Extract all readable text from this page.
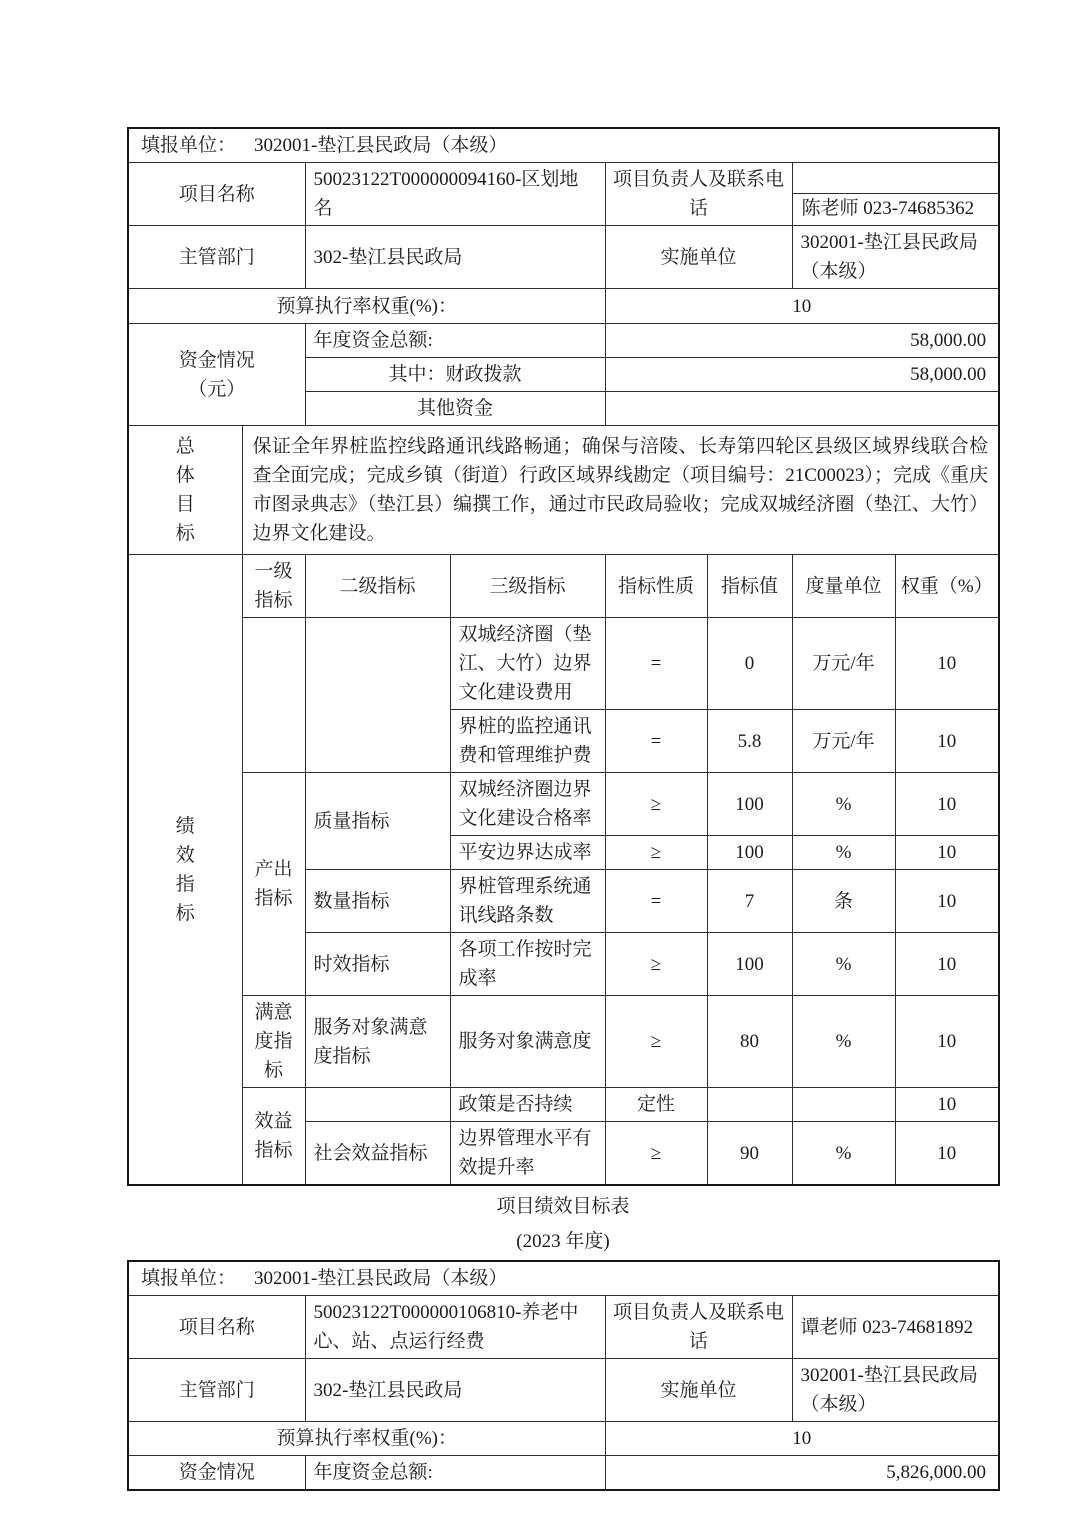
填报单位： 302001-垫江县民政局（本级）							
项目名称		50023122T000000094160-区划地名		项目负责人及联系电话		陈老师 023-74685362	

主管部门		302-垫江县民政局		实施单位		302001-垫江县民政局（本级）	
预算执行率权重(%)：				10			

资金情况（元）		年度资金总额:		58,000.00			
		其中：财政拨款		58,000.00			
		其他资金					

总体目标	保证全年界桩监控线路通讯线路畅通；确保与涪陵、长寿第四轮区县级区域界线联合检查全面完成；完成乡镇（街道）行政区域界线勘定（项目编号：21C00023）；完成《重庆市图录典志》（垫江县）编撰工作，通过市民政局验收；完成双城经济圈（垫江、大竹）边界文化建设。						

绩效指标	一级指标	二级指标	三级指标	指标性质	指标值	度量单位	权重（%）
			双城经济圈（垫江、大竹）边界文化建设费用	=	0	万元/年	10
			界桩的监控通讯费和管理维护费	=	5.8	万元/年	10

	产出指标	质量指标	双城经济圈边界文化建设合格率	≥	100	%	10
			平安边界达成率	≥	100	%	10
		数量指标	界桩管理系统通讯线路条数	=	7	条	10
		时效指标	各项工作按时完成率	≥	100	%	10

	满意度指标	服务对象满意度指标	服务对象满意度	≥	80	%	10

	效益指标		政策是否持续	定性			10
		社会效益指标	边界管理水平有效提升率	≥	90	%	10
项目绩效目标表
(2023 年度)
填报单位： 302001-垫江县民政局（本级）			
项目名称	50023122T000000106810-养老中心、站、点运行经费	项目负责人及联系电话	谭老师 023-74681892
主管部门	302-垫江县民政局	实施单位	302001-垫江县民政局（本级）
预算执行率权重(%)：		10	
资金情况	年度资金总额:	5,826,000.00	
